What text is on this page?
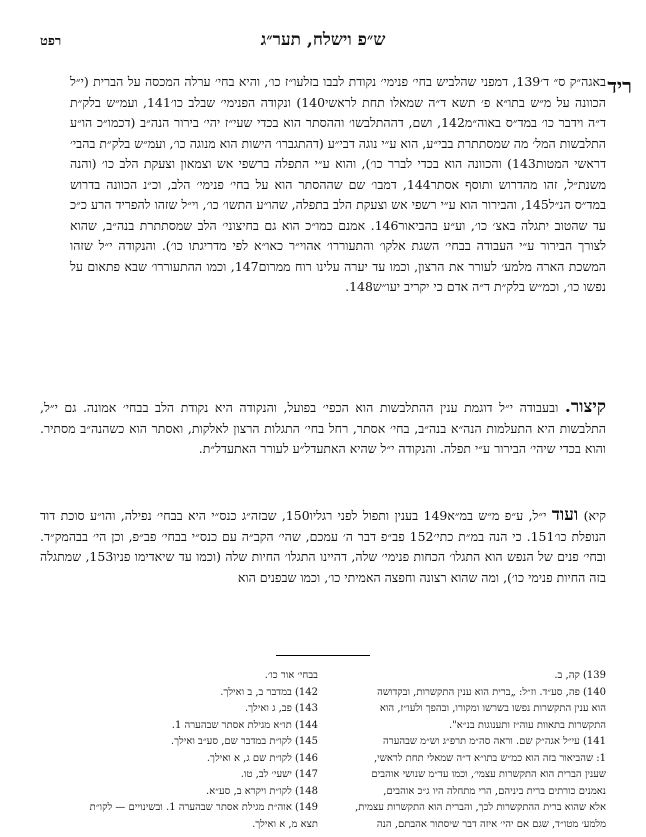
ש״פ וישלח, תער״ג
רפט
ריד
באגה״ק ס״ ד׳139, דמפני שהלביש בחי׳ פנימי׳ נקודת לבבו בזלעו״ז כו׳, והיא בחי׳ ערלה המכסה על הברית (י״ל הכוונה על מ״ש בתו״א פ׳ תשא ד״ה שמאלו תחת לראשי140) ונקודה הפנימי׳ שבלב כו׳141, ועמ״ש בלק״ת ד״ה וידבר כו׳ במד״ס באוה״מ142, ושם, דההתלבשו׳ וההסתר הוא בכדי שעי״ז יהי׳ בירור הנה״ב (דכמו״כ הו״ע התלבשות המל׳ מה שמסתתרת בבי״ע, הוא ע״י נוגה דבי״ע (דהתגברו׳ הישות הוא מנוגה כו׳, ועמ״ש בלק״ת בהבי׳ דראשי המטות143) והכוונה הוא בכדי לברר כו׳), והוא ע״י התפלה ברשפי אש וצמאון וצעקת הלב כו׳ (והנה משנת״ל, זהו מהדרוש ותוסף אסתר144, דמבו׳ שם שההסתר הוא על בחי׳ פנימי׳ הלב, וכ״נ הכוונה בדרוש במד״ס הנ״ל145, והבירור הוא ע״י רשפי אש וצעקת הלב בתפלה, שהו״ע התשו׳ כו׳, וי״ל שזהו להפריד הרע כ״כ עד שהטוב יתגלה באצ׳ כו׳, וע״ע בהביאור146. אמנם כמו״כ הוא גם בחיצוני׳ הלב שמסתתרת בנה״ב, שהוא לצורך הבירור ע״י העבודה בבחי׳ השגת אלקו׳ והתעוררו׳ אהוי״ר כאו״א לפי מדריגתו כו׳). והנקודה י״ל שזהו המשכת הארה מלמע׳ לעורר את הרצון, וכמו עד יערה עלינו רוח ממרום147, וכמו ההתעוררו׳ שבא פתאום על נפשו כו׳, וכמ״ש בלק״ת ד״ה אדם כי יקריב יעו״ש148.
קיצור. ובעבודה י״ל דוגמת ענין ההתלבשות הוא הכפי׳ בפועל, והנקודה היא נקודת הלב בבחי׳ אמונה. גם י״ל, התלבשות היא התעלמות הנה״א בנה״ב, בחי׳ אסתר, רחל בחי׳ התגלות הרצון לאלקות, ואסתר הוא כשהנה״ב מסתיר. והוא בכדי שיהי׳ הבירור ע״י תפלה. והנקודה י״ל שהיא האתעדל״ע לעורר האתעדל״ת.
קיא) ועוד י״ל, ע״פ מ״ש במ״א149 בענין ותפול לפני רגליו150, שבזה״ג כנס״י היא בבחי׳ נפילה, והו״ע סוכת דוד הנופלת כו׳151. כי הנה במ״ת כתי׳152 פב״פ דבר ה׳ עמכם, שהי׳ הקב״ה עם כנס״י בבחי׳ פב״פ, וכן הי׳ בבהמק״ד. ובחי׳ פנים של הנפש הוא התגלו׳ הכחות פנימי׳ שלה, דהיינו התגלו׳ החיות שלה (וכמו עד שיאדימו פניו153, שמתגלה בזה החיות פנימי כו׳), ומה שהוא רצונה וחפצה האמיתי כו׳, וכמו שבפנים הוא
139) קה, ב.
140) פה, סע״ד. וז״ל: „ברית הוא ענין התקשרות, ובקדושה
הוא ענין התקשרות נפשו בשרשו ומקורו, ובהפך ולעו״ז, הוא
התקשרות בתאוות עוה״ז ותענוגות בנ״א".
141) עי״ל אגה״ק שם. וראה סה״מ תרפ״ג וש״מ שבהערה
1: שהביאור בזה הוא כמ״ש בתו״א ד״ה שמאלי תחת לראשי,
שענין הברית הוא התקשרות עצמי׳, וכמו עד״מ שנושי אוהבים
נאמנים כורתים ברית ביניהם, הרי מתחלה היו ג״כ אוהבים,
אלא שהוא ברית ההתקשרות לכך, והברית הוא התקשרות עצמית,
מלמע׳ מטו״ד, שגם אם יהי׳ איזה דבר שיסתור אהבתם, הנה
בבחי׳ אור כו׳.
142) במדבר ב, ב ואילך.
143) פב, ג ואילך.
144) תו״א מגילת אסתר שבהערה 1.
145) לקו״ת במדבר שם, סע״ב ואילך.
146) לקו״ת שם ג, א ואילך.
147) ישעי׳ לב, טו.
148) לקו״ת ויקרא ב, סע״א.
149) אוה״ת מגילת אסתר שבהערה 1. ובשינויים — לקו״ת
תצא מ, א ואילך.
